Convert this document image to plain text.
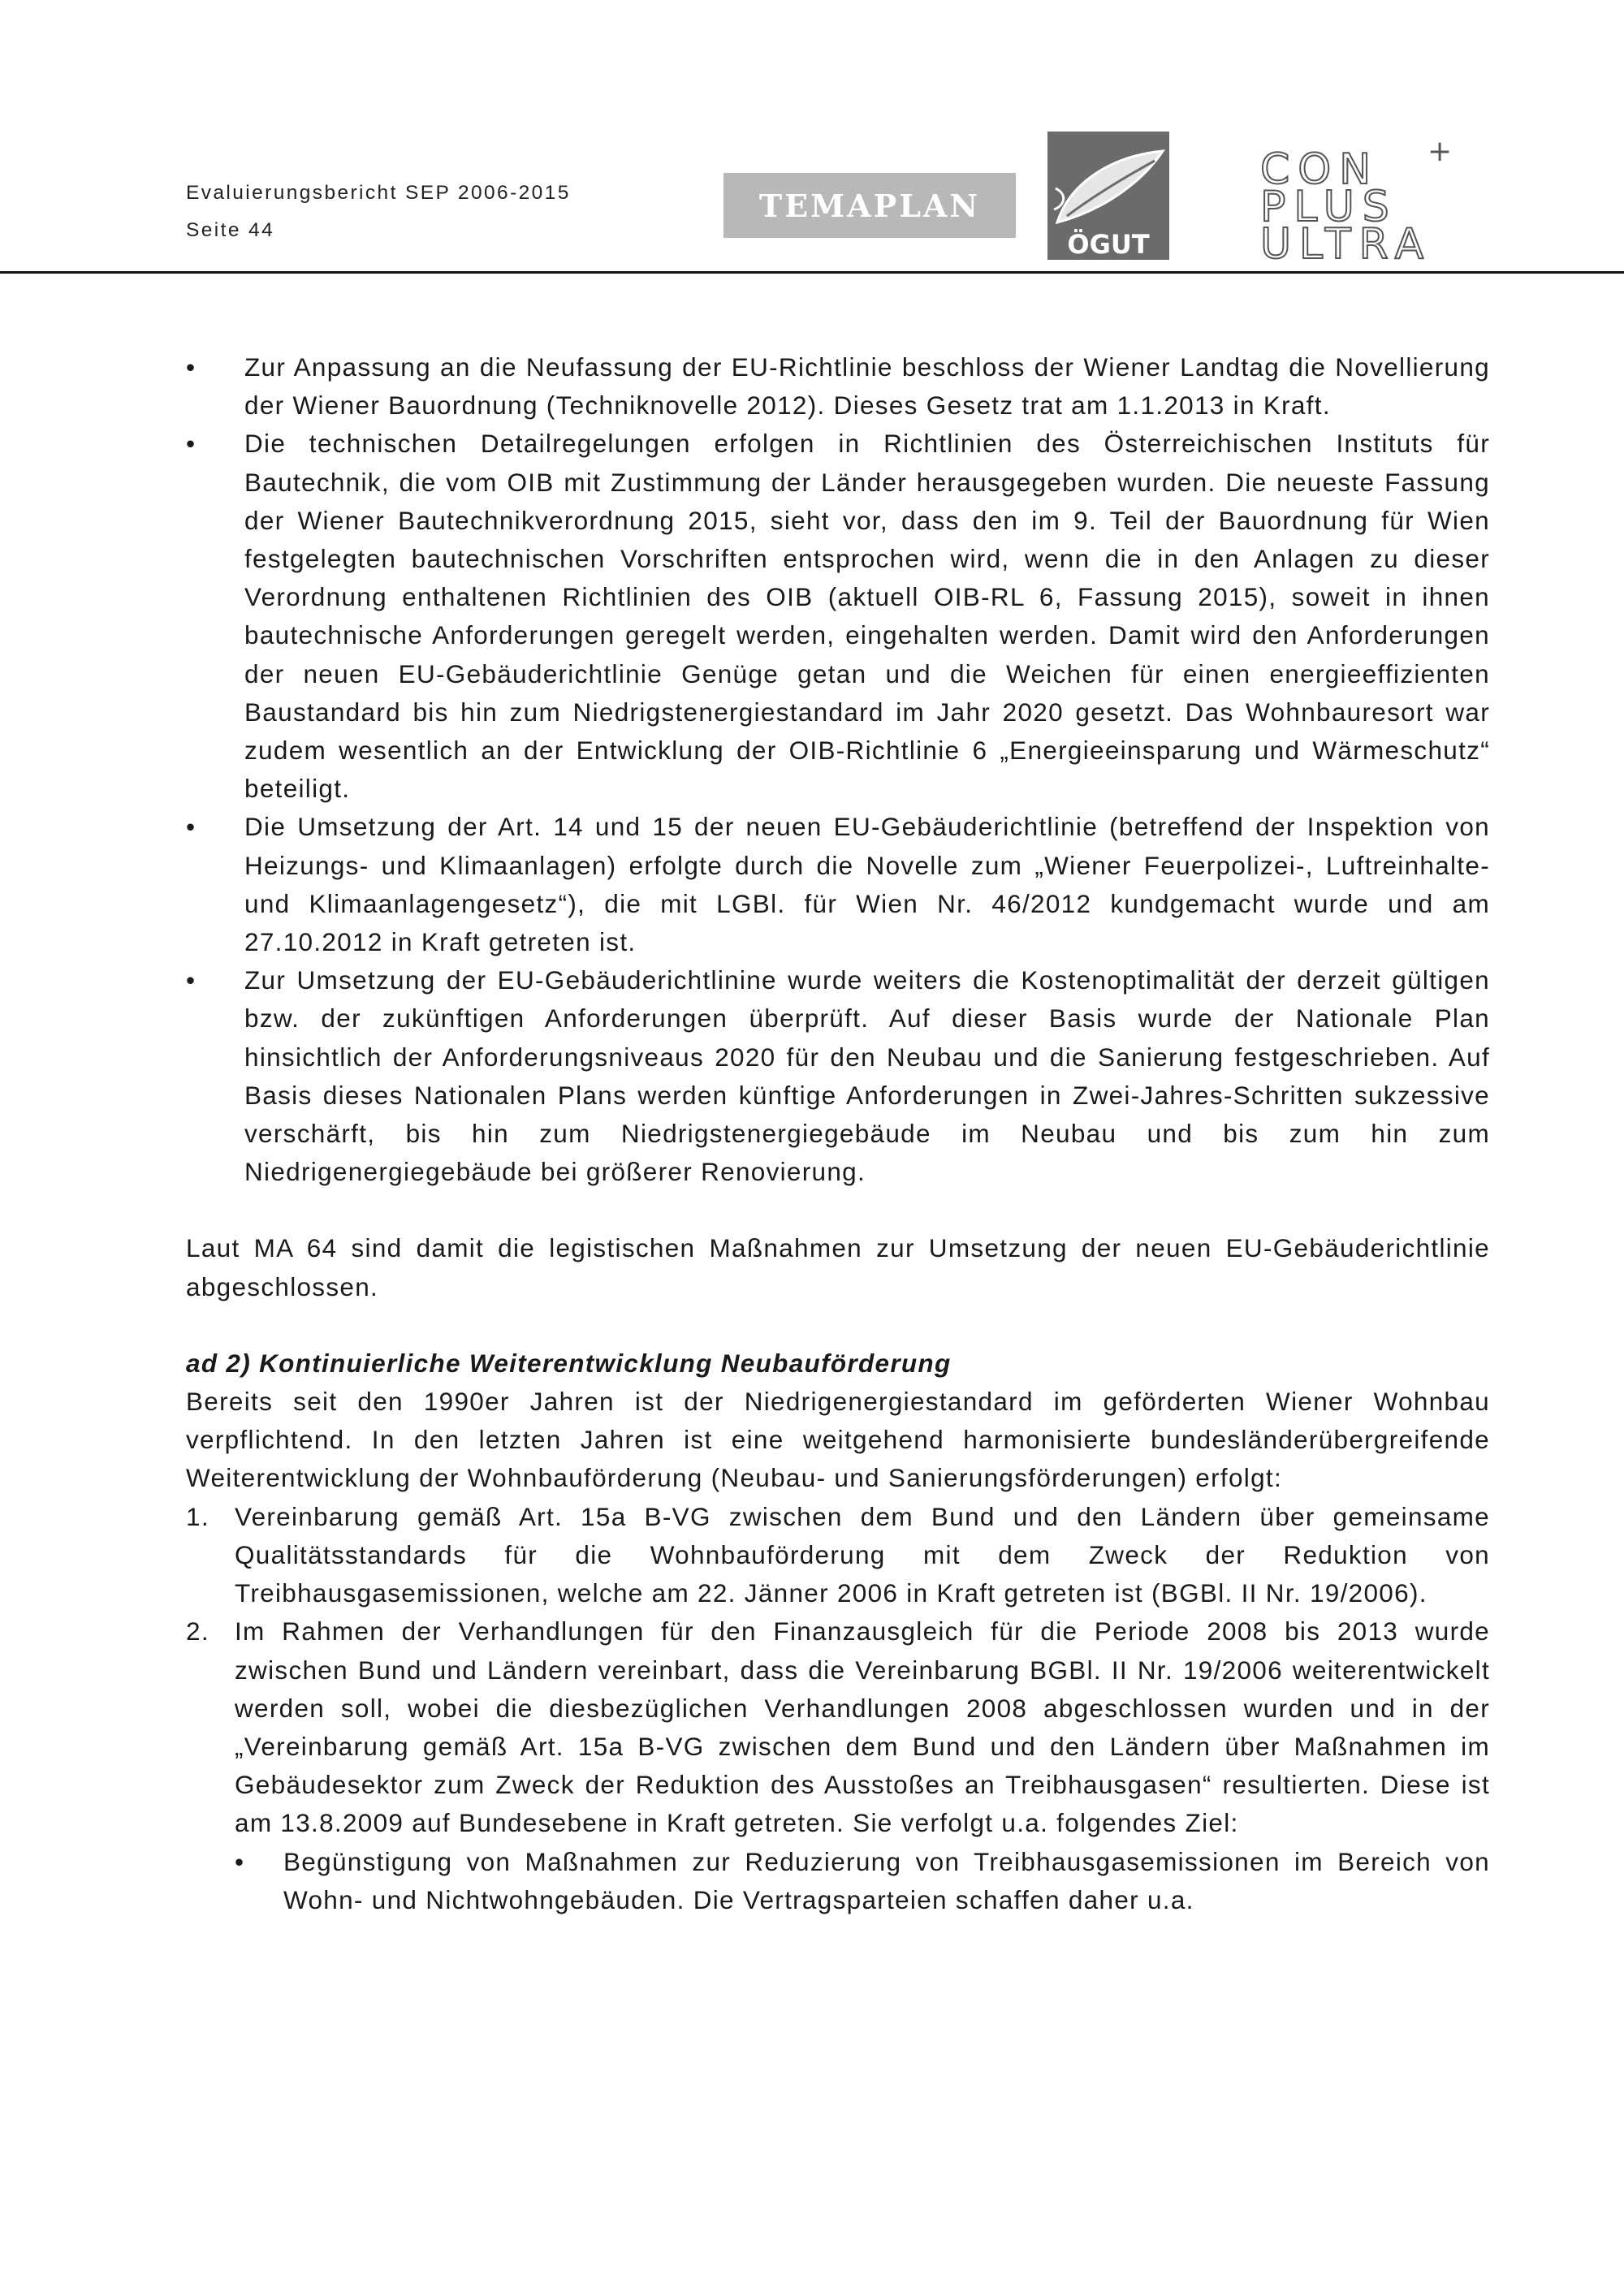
Evaluierungsbericht SEP 2006-2015
Seite 44
TEMAPLAN
ÖGUT
CON
PLUS
ULTRA
+
• Zur Anpassung an die Neufassung der EU-Richtlinie beschloss der Wiener Landtag die Novellierung der Wiener Bauordnung (Techniknovelle 2012). Dieses Gesetz trat am 1.1.2013 in Kraft.
• Die technischen Detailregelungen erfolgen in Richtlinien des Österreichischen Instituts für Bautechnik, die vom OIB mit Zustimmung der Länder herausgegeben wurden. Die neueste Fassung der Wiener Bautechnikverordnung 2015, sieht vor, dass den im 9. Teil der Bauordnung für Wien festgelegten bautechnischen Vorschriften entsprochen wird, wenn die in den Anlagen zu dieser Verordnung enthaltenen Richtlinien des OIB (aktuell OIB-RL 6, Fassung 2015), soweit in ihnen bautechnische Anforderungen geregelt werden, eingehalten werden. Damit wird den Anforderungen der neuen EU-Gebäuderichtlinie Genüge getan und die Weichen für einen energieeffizienten Baustandard bis hin zum Niedrigstenergiestandard im Jahr 2020 gesetzt. Das Wohnbauresort war zudem wesentlich an der Entwicklung der OIB-Richtlinie 6 „Energieeinsparung und Wärmeschutz“ beteiligt.
• Die Umsetzung der Art. 14 und 15 der neuen EU-Gebäuderichtlinie (betreffend der Inspektion von Heizungs- und Klimaanlagen) erfolgte durch die Novelle zum „Wiener Feuerpolizei-, Luftreinhalte- und Klimaanlagengesetz“), die mit LGBl. für Wien Nr. 46/2012 kundgemacht wurde und am 27.10.2012 in Kraft getreten ist.
• Zur Umsetzung der EU-Gebäuderichtlinine wurde weiters die Kostenoptimalität der derzeit gültigen bzw. der zukünftigen Anforderungen überprüft. Auf dieser Basis wurde der Nationale Plan hinsichtlich der Anforderungsniveaus 2020 für den Neubau und die Sanierung festgeschrieben. Auf Basis dieses Nationalen Plans werden künftige Anforderungen in Zwei-Jahres-Schritten sukzessive verschärft, bis hin zum Niedrigstenergiegebäude im Neubau und bis zum hin zum Niedrigenergiegebäude bei größerer Renovierung.

Laut MA 64 sind damit die legistischen Maßnahmen zur Umsetzung der neuen EU-Gebäuderichtlinie abgeschlossen.

ad 2) Kontinuierliche Weiterentwicklung Neubauförderung

Bereits seit den 1990er Jahren ist der Niedrigenergiestandard im geförderten Wiener Wohnbau verpflichtend. In den letzten Jahren ist eine weitgehend harmonisierte bundesländerübergreifende Weiterentwicklung der Wohnbauförderung (Neubau- und Sanierungsförderungen) erfolgt:

1. Vereinbarung gemäß Art. 15a B-VG zwischen dem Bund und den Ländern über gemeinsame Qualitätsstandards für die Wohnbauförderung mit dem Zweck der Reduktion von Treibhausgasemissionen, welche am 22. Jänner 2006 in Kraft getreten ist (BGBl. II Nr. 19/2006).
2. Im Rahmen der Verhandlungen für den Finanzausgleich für die Periode 2008 bis 2013 wurde zwischen Bund und Ländern vereinbart, dass die Vereinbarung BGBl. II Nr. 19/2006 weiterentwickelt werden soll, wobei die diesbezüglichen Verhandlungen 2008 abgeschlossen wurden und in der „Vereinbarung gemäß Art. 15a B-VG zwischen dem Bund und den Ländern über Maßnahmen im Gebäudesektor zum Zweck der Reduktion des Ausstoßes an Treibhausgasen“ resultierten. Diese ist am 13.8.2009 auf Bundesebene in Kraft getreten. Sie verfolgt u.a. folgendes Ziel:
• Begünstigung von Maßnahmen zur Reduzierung von Treibhausgasemissionen im Bereich von Wohn- und Nichtwohngebäuden. Die Vertragsparteien schaffen daher u.a.
